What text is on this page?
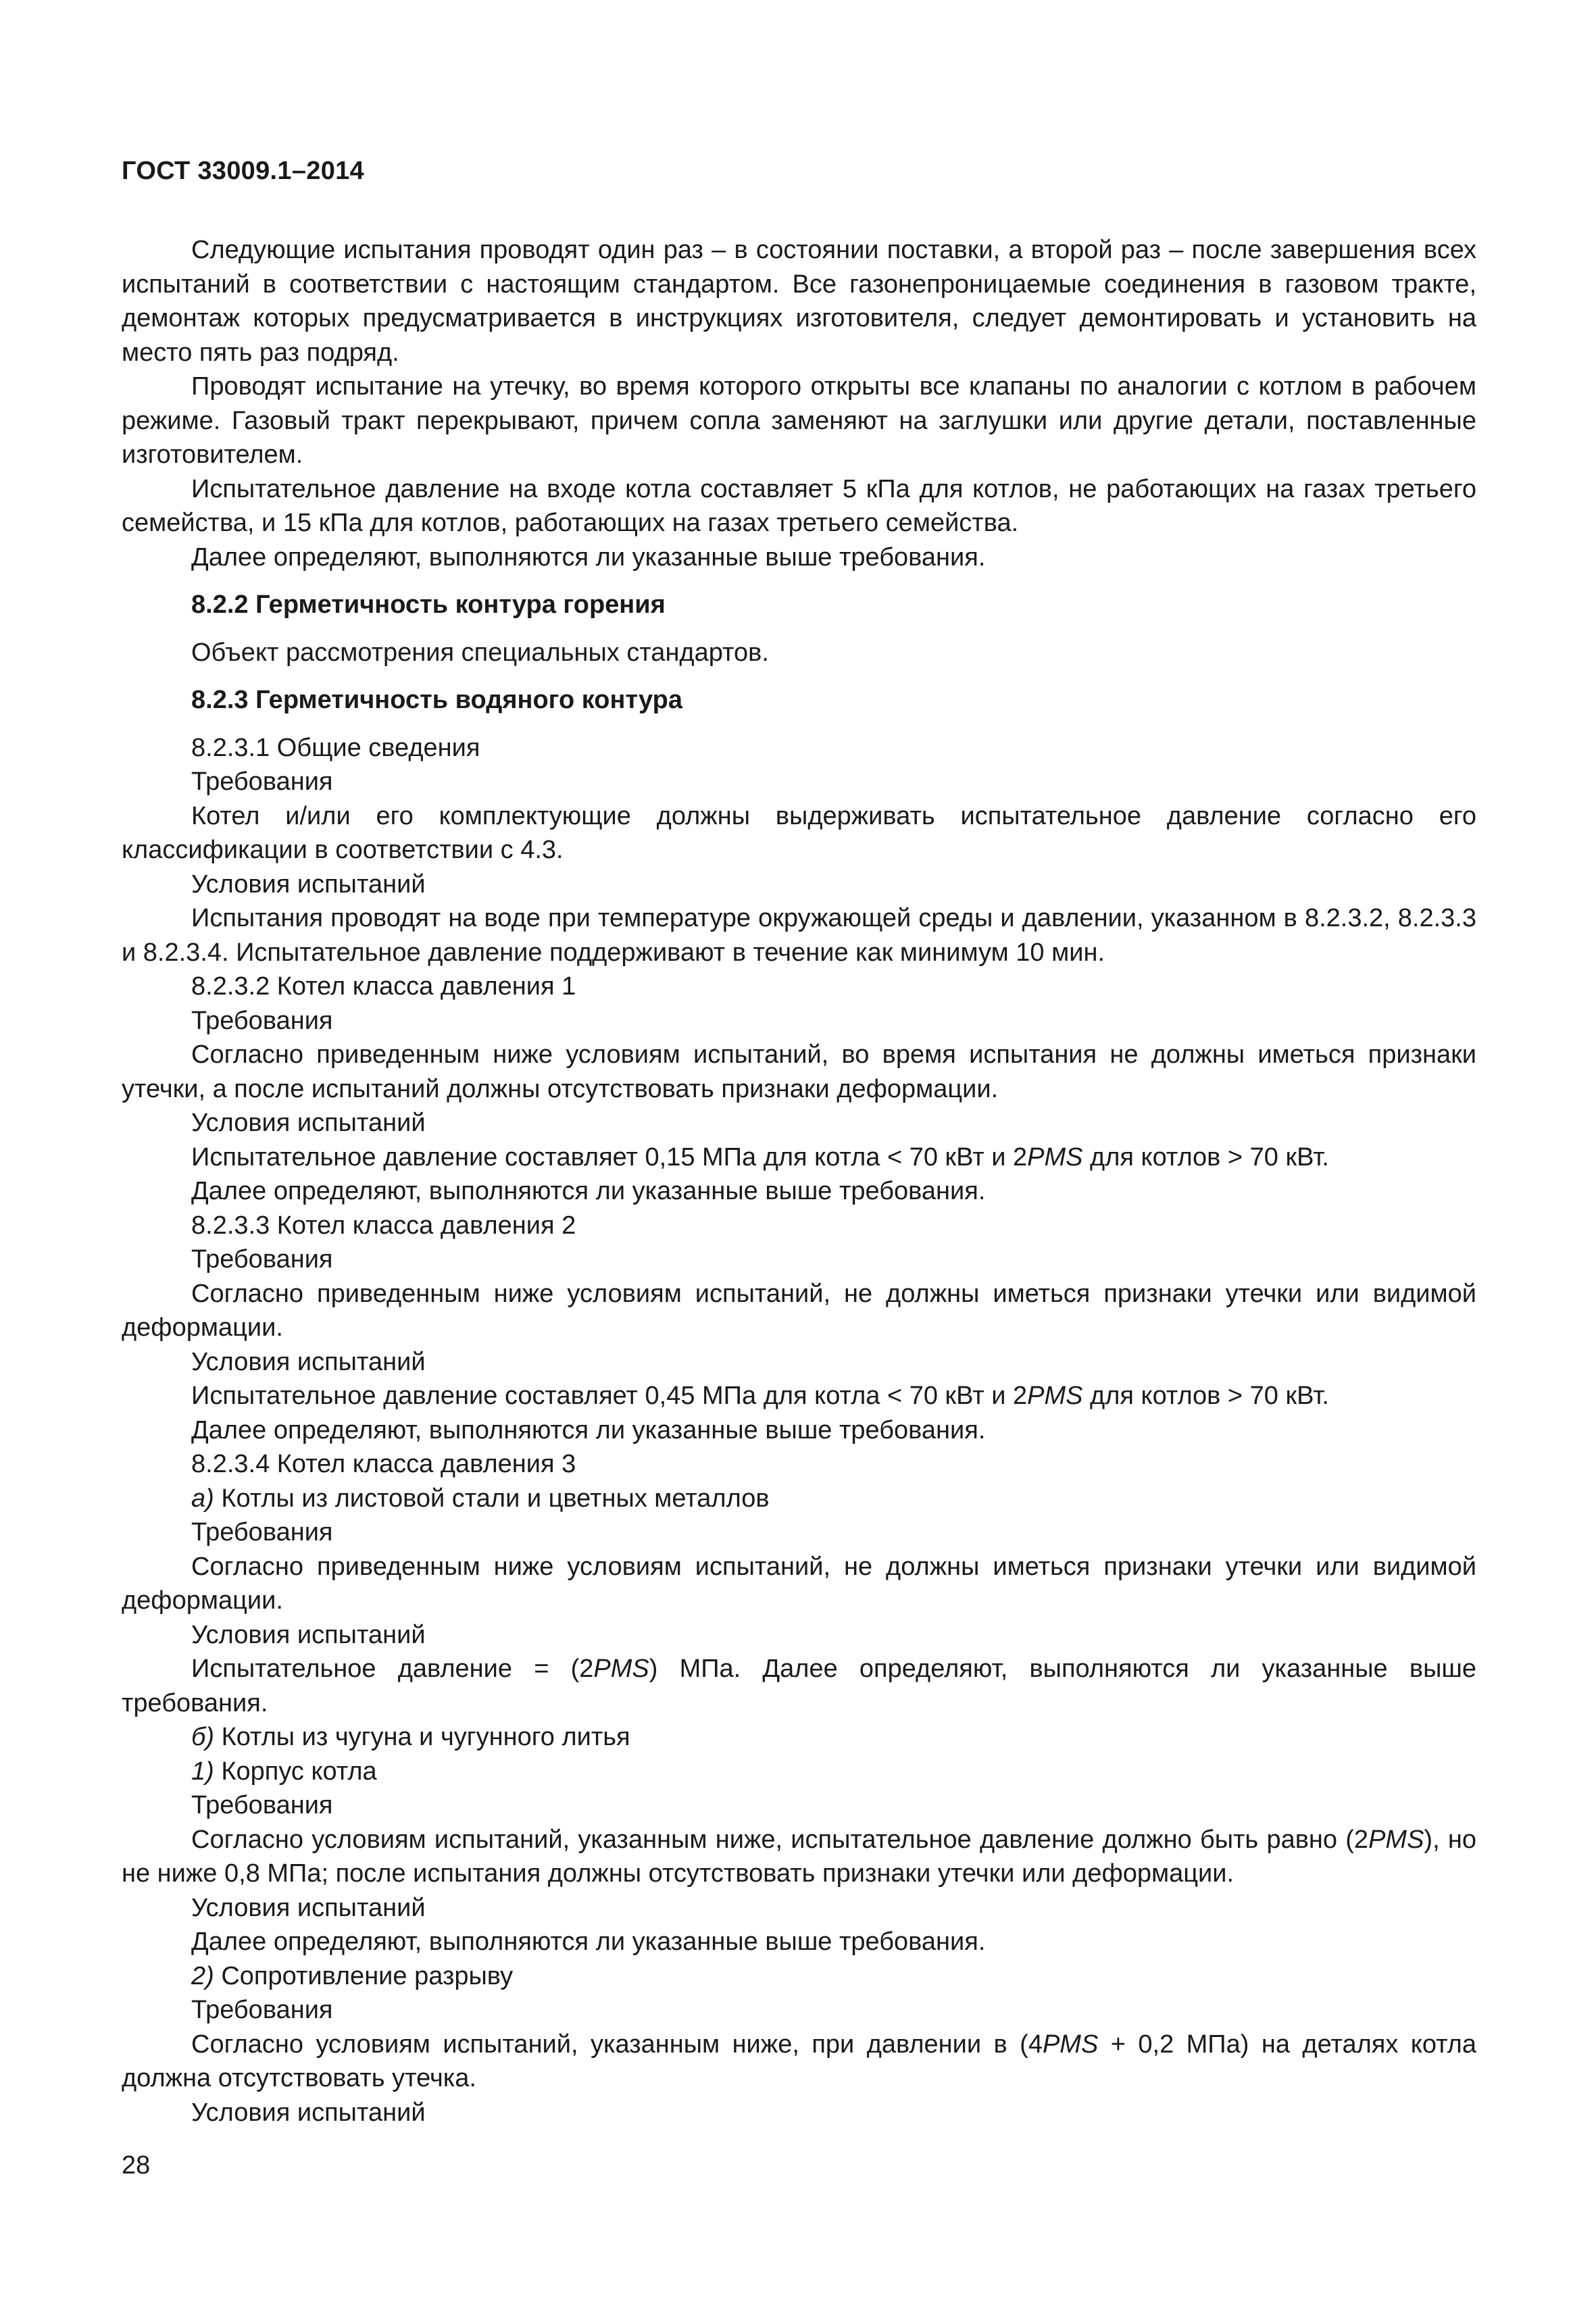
ГОСТ 33009.1–2014

Следующие испытания проводят один раз – в состоянии поставки, а второй раз – после завершения всех испытаний в соответствии с настоящим стандартом. Все газонепроницаемые соединения в газовом тракте, демонтаж которых предусматривается в инструкциях изготовителя, следует демонтировать и установить на место пять раз подряд.

Проводят испытание на утечку, во время которого открыты все клапаны по аналогии с котлом в рабочем режиме. Газовый тракт перекрывают, причем сопла заменяют на заглушки или другие детали, поставленные изготовителем.

Испытательное давление на входе котла составляет 5 кПа для котлов, не работающих на газах третьего семейства, и 15 кПа для котлов, работающих на газах третьего семейства.

Далее определяют, выполняются ли указанные выше требования.

8.2.2 Герметичность контура горения

Объект рассмотрения специальных стандартов.

8.2.3 Герметичность водяного контура

8.2.3.1 Общие сведения

Требования

Котел и/или его комплектующие должны выдерживать испытательное давление согласно его классификации в соответствии с 4.3.

Условия испытаний

Испытания проводят на воде при температуре окружающей среды и давлении, указанном в 8.2.3.2, 8.2.3.3 и 8.2.3.4. Испытательное давление поддерживают в течение как минимум 10 мин.

8.2.3.2 Котел класса давления 1

Требования

Согласно приведенным ниже условиям испытаний, во время испытания не должны иметься признаки утечки, а после испытаний должны отсутствовать признаки деформации.

Условия испытаний

Испытательное давление составляет 0,15 МПа для котла < 70 кВт и 2PMS для котлов > 70 кВт.

Далее определяют, выполняются ли указанные выше требования.

8.2.3.3 Котел класса давления 2

Требования

Согласно приведенным ниже условиям испытаний, не должны иметься признаки утечки или видимой деформации.

Условия испытаний

Испытательное давление составляет 0,45 МПа для котла < 70 кВт и 2PMS для котлов > 70 кВт.

Далее определяют, выполняются ли указанные выше требования.

8.2.3.4 Котел класса давления 3

а) Котлы из листовой стали и цветных металлов

Требования

Согласно приведенным ниже условиям испытаний, не должны иметься признаки утечки или видимой деформации.

Условия испытаний

Испытательное давление = (2PMS) МПа. Далее определяют, выполняются ли указанные выше требования.

б) Котлы из чугуна и чугунного литья

1) Корпус котла

Требования

Согласно условиям испытаний, указанным ниже, испытательное давление должно быть равно (2PMS), но не ниже 0,8 МПа; после испытания должны отсутствовать признаки утечки или деформации.

Условия испытаний

Далее определяют, выполняются ли указанные выше требования.

2) Сопротивление разрыву

Требования

Согласно условиям испытаний, указанным ниже, при давлении в (4PMS + 0,2 МПа) на деталях котла должна отсутствовать утечка.

Условия испытаний

28
